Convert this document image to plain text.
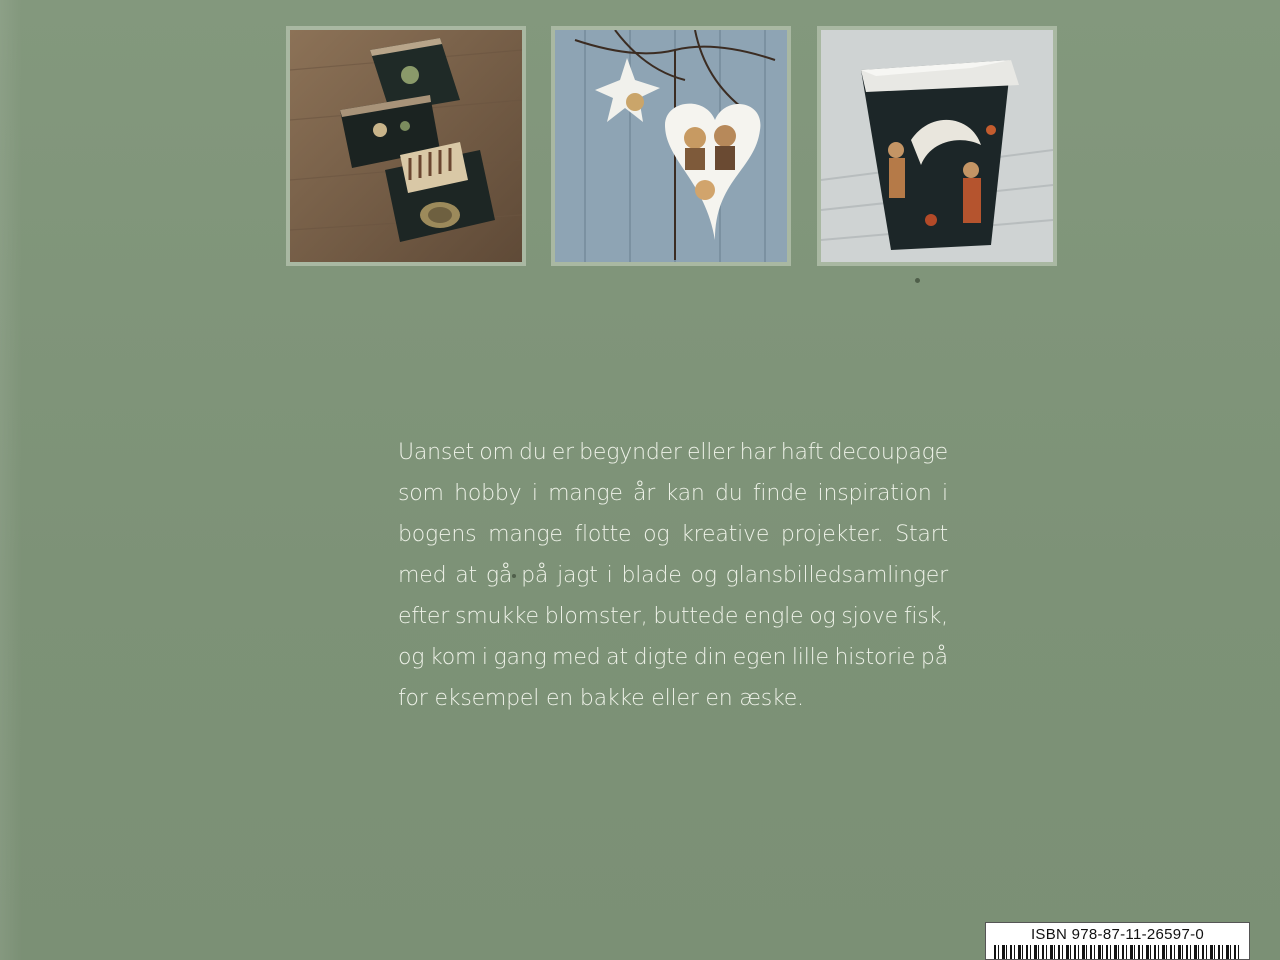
Uanset om du er begynder eller har haft decoupage
som hobby i mange år kan du finde inspiration i
bogens mange flotte og kreative projekter. Start
med at gå på jagt i blade og glansbilledsamlinger
efter smukke blomster, buttede engle og sjove fisk,
og kom i gang med at digte din egen lille historie på
for eksempel en bakke eller en æske.
ISBN 978-87-11-26597-0
